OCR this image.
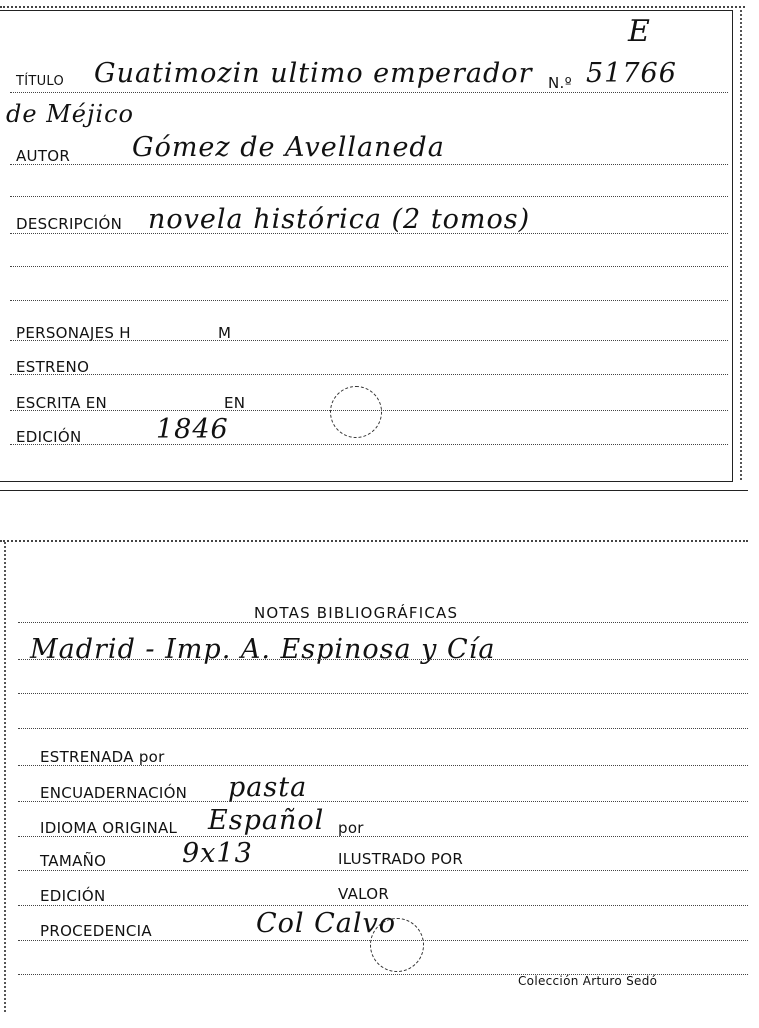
E
TÍTULO Guatimozin ultimo emperador N.º 51766
de Méjico
AUTOR Gómez de Avellaneda
DESCRIPCIÓN novela histórica (2 tomos)
PERSONAJES H	M
ESTRENO
ESCRITA EN	EN
EDICIÓN	1846
NOTAS BIBLIOGRÁFICAS
Madrid - Imp. A. Espinosa y Cía
ESTRENADA por
ENCUADERNACIÓN pasta
IDIOMA ORIGINAL Español por
TAMAÑO	9x13	ILUSTRADO POR
EDICIÓN	VALOR
PROCEDENCIA	Col Calvo
Colección Arturo Sedó
